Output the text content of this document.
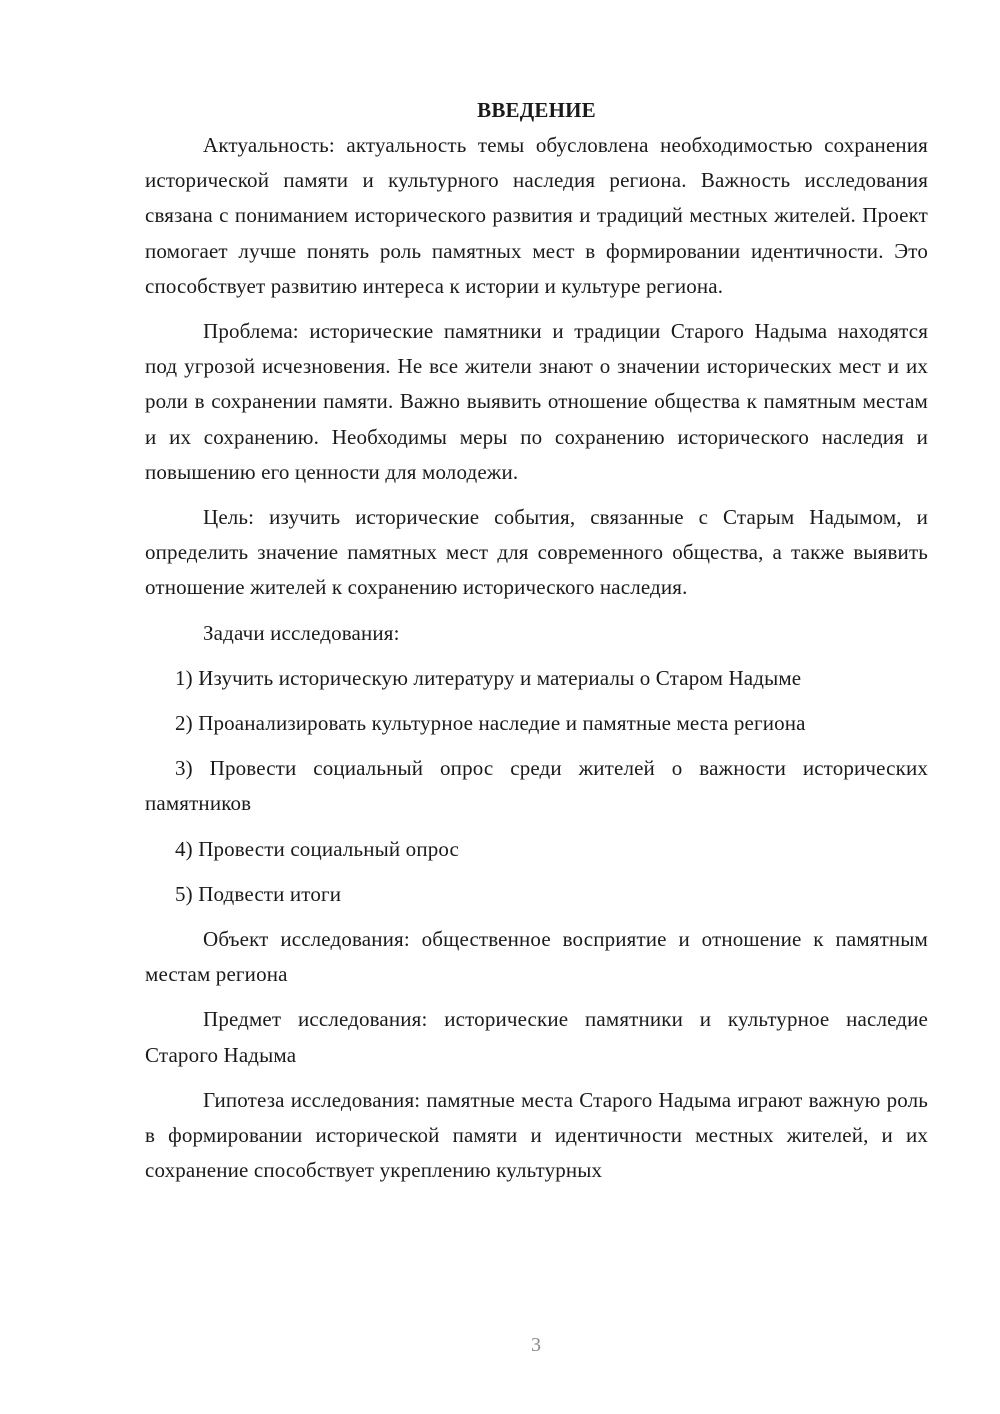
ВВЕДЕНИЕ

Актуальность: актуальность темы обусловлена необходимостью сохранения исторической памяти и культурного наследия региона. Важность исследования связана с пониманием исторического развития и традиций местных жителей. Проект помогает лучше понять роль памятных мест в формировании идентичности. Это способствует развитию интереса к истории и культуре региона.

Проблема: исторические памятники и традиции Старого Надыма находятся под угрозой исчезновения. Не все жители знают о значении исторических мест и их роли в сохранении памяти. Важно выявить отношение общества к памятным местам и их сохранению. Необходимы меры по сохранению исторического наследия и повышению его ценности для молодежи.

Цель: изучить исторические события, связанные с Старым Надымом, и определить значение памятных мест для современного общества, а также выявить отношение жителей к сохранению исторического наследия.

Задачи исследования:

1) Изучить историческую литературу и материалы о Старом Надыме

2) Проанализировать культурное наследие и памятные места региона

3) Провести социальный опрос среди жителей о важности исторических памятников

4) Провести социальный опрос

5) Подвести итоги

Объект исследования: общественное восприятие и отношение к памятным местам региона

Предмет исследования: исторические памятники и культурное наследие Старого Надыма

Гипотеза исследования: памятные места Старого Надыма играют важную роль в формировании исторической памяти и идентичности местных жителей, и их сохранение способствует укреплению культурных

3
